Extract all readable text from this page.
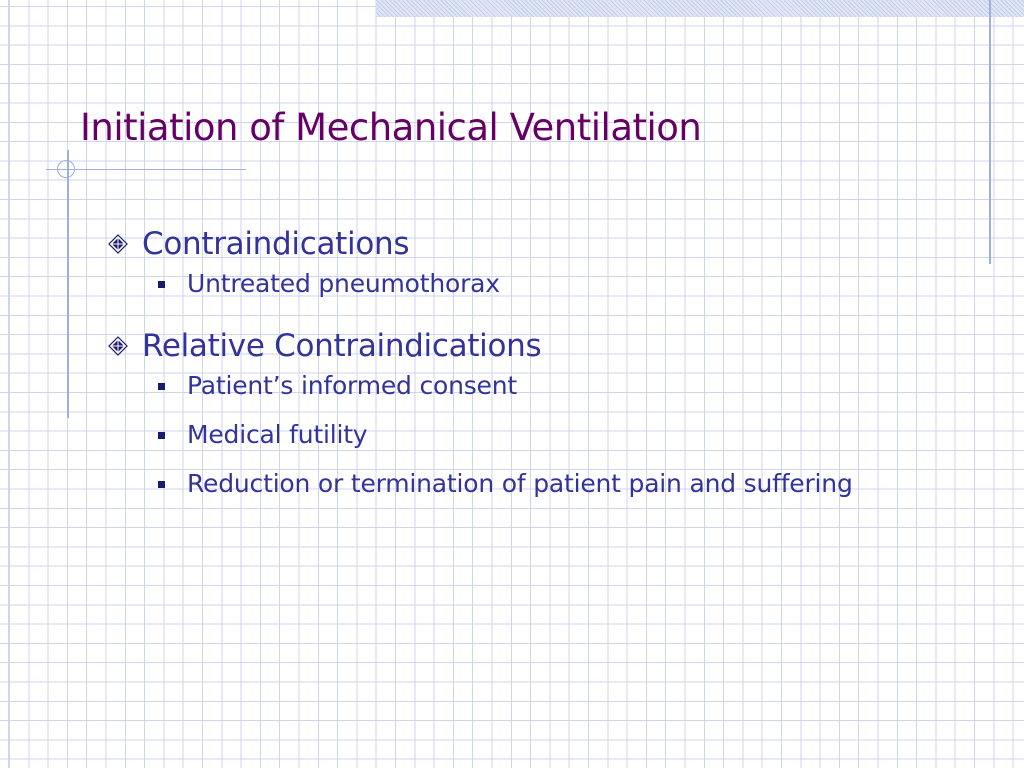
Initiation of Mechanical Ventilation
Contraindications
Untreated pneumothorax
Relative Contraindications
Patient’s informed consent
Medical futility
Reduction or termination of patient pain and suffering
